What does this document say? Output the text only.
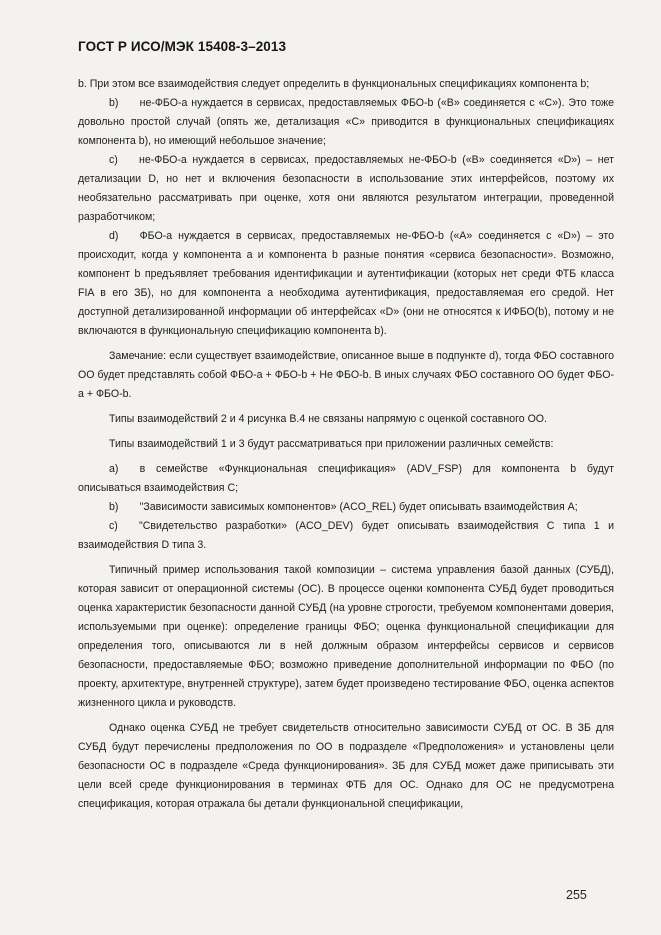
ГОСТ Р ИСО/МЭК 15408-3–2013

b. При этом все взаимодействия следует определить в функциональных спецификациях компонента b;

b)  не-ФБО-а нуждается в сервисах, предоставляемых ФБО-b («B» соединяется с «C»). Это тоже довольно простой случай (опять же, детализация «C» приводится в функциональных спецификациях компонента b), но имеющий небольшое значение;

c)  не-ФБО-а нуждается в сервисах, предоставляемых не-ФБО-b («B» соединяется «D») – нет детализации D, но нет и включения безопасности в использование этих интерфейсов, поэтому их необязательно рассматривать при оценке, хотя они являются результатом интеграции, проведенной разработчиком;

d)  ФБО-а нуждается в сервисах, предоставляемых не-ФБО-b («A» соединяется с «D») – это происходит, когда у компонента а и компонента b разные понятия «сервиса безопасности». Возможно, компонент b предъявляет требования идентификации и аутентификации (которых нет среди ФТБ класса FIA в его ЗБ), но для компонента а необходима аутентификация, предоставляемая его средой. Нет доступной детализированной информации об интерфейсах «D» (они не относятся к ИФБО(b), потому и не включаются в функциональную спецификацию компонента b).

Замечание: если существует взаимодействие, описанное выше в подпункте d), тогда ФБО составного ОО будет представлять собой ФБО-а + ФБО-b + Не ФБО-b. В иных случаях ФБО составного ОО будет ФБО-а + ФБО-b.

Типы взаимодействий 2 и 4 рисунка В.4 не связаны напрямую с оценкой составного ОО.

Типы взаимодействий 1 и 3 будут рассматриваться при приложении различных семейств:

a)  в семействе «Функциональная спецификация» (ADV_FSP) для компонента b будут описываться взаимодействия С;

b)  "Зависимости зависимых компонентов» (ACO_REL) будет описывать взаимодействия А;

c)  "Свидетельство разработки» (ACO_DEV) будет описывать взаимодействия С типа 1 и взаимодействия D типа 3.

Типичный пример использования такой композиции – система управления базой данных (СУБД), которая зависит от операционной системы (ОС). В процессе оценки компонента СУБД будет проводиться оценка характеристик безопасности данной СУБД (на уровне строгости, требуемом компонентами доверия, используемыми при оценке): определение границы ФБО; оценка функциональной спецификации для определения того, описываются ли в ней должным образом интерфейсы сервисов и сервисов безопасности, предоставляемые ФБО; возможно приведение дополнительной информации по ФБО (по проекту, архитектуре, внутренней структуре), затем будет произведено тестирование ФБО, оценка аспектов жизненного цикла и руководств.

Однако оценка СУБД не требует свидетельств относительно зависимости СУБД от ОС. В ЗБ для СУБД будут перечислены предположения по ОО в подразделе «Предположения» и установлены цели безопасности ОС в подразделе «Среда функционирования». ЗБ для СУБД может даже приписывать эти цели всей среде функционирования в терминах ФТБ для ОС. Однако для ОС не предусмотрена спецификация, которая отражала бы детали функциональной спецификации,

255
